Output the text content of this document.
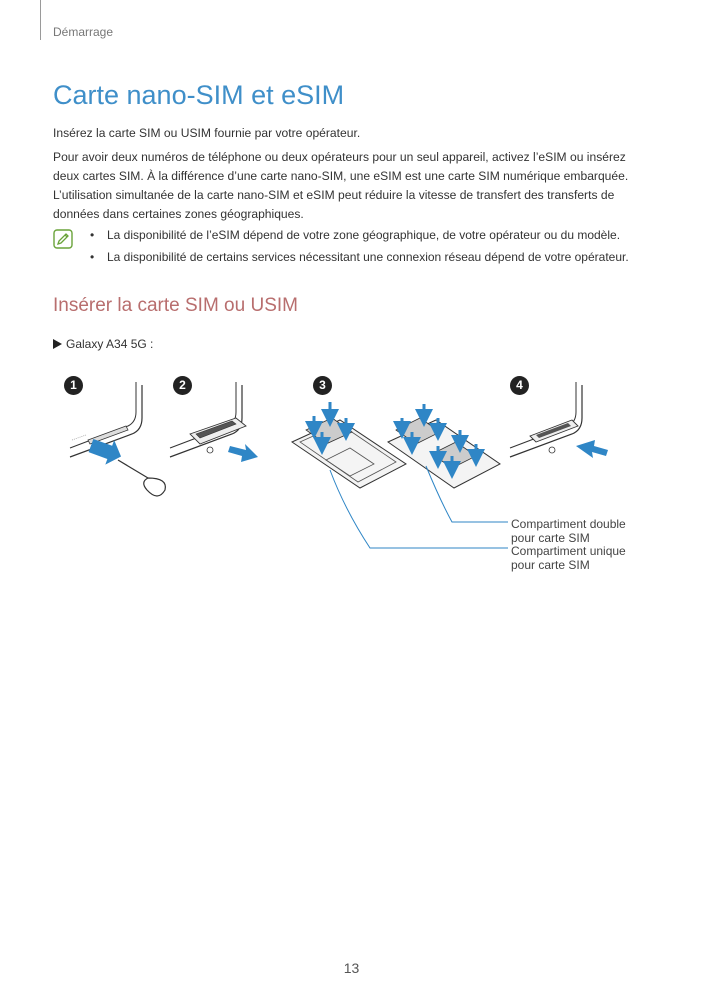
Démarrage
Carte nano-SIM et eSIM

Insérez la carte SIM ou USIM fournie par votre opérateur.

Pour avoir deux numéros de téléphone ou deux opérateurs pour un seul appareil, activez l’eSIM ou insérez deux cartes SIM. À la différence d’une carte nano-SIM, une eSIM est une carte SIM numérique embarquée. L’utilisation simultanée de la carte nano-SIM et eSIM peut réduire la vitesse de transfert des transferts de données dans certaines zones géographiques.

• La disponibilité de l’eSIM dépend de votre zone géographique, de votre opérateur ou du modèle.
• La disponibilité de certains services nécessitant une connexion réseau dépend de votre opérateur.
Insérer la carte SIM ou USIM
Galaxy A34 5G :
1	2	3	4
Compartiment double pour carte SIM
Compartiment unique pour carte SIM
13
